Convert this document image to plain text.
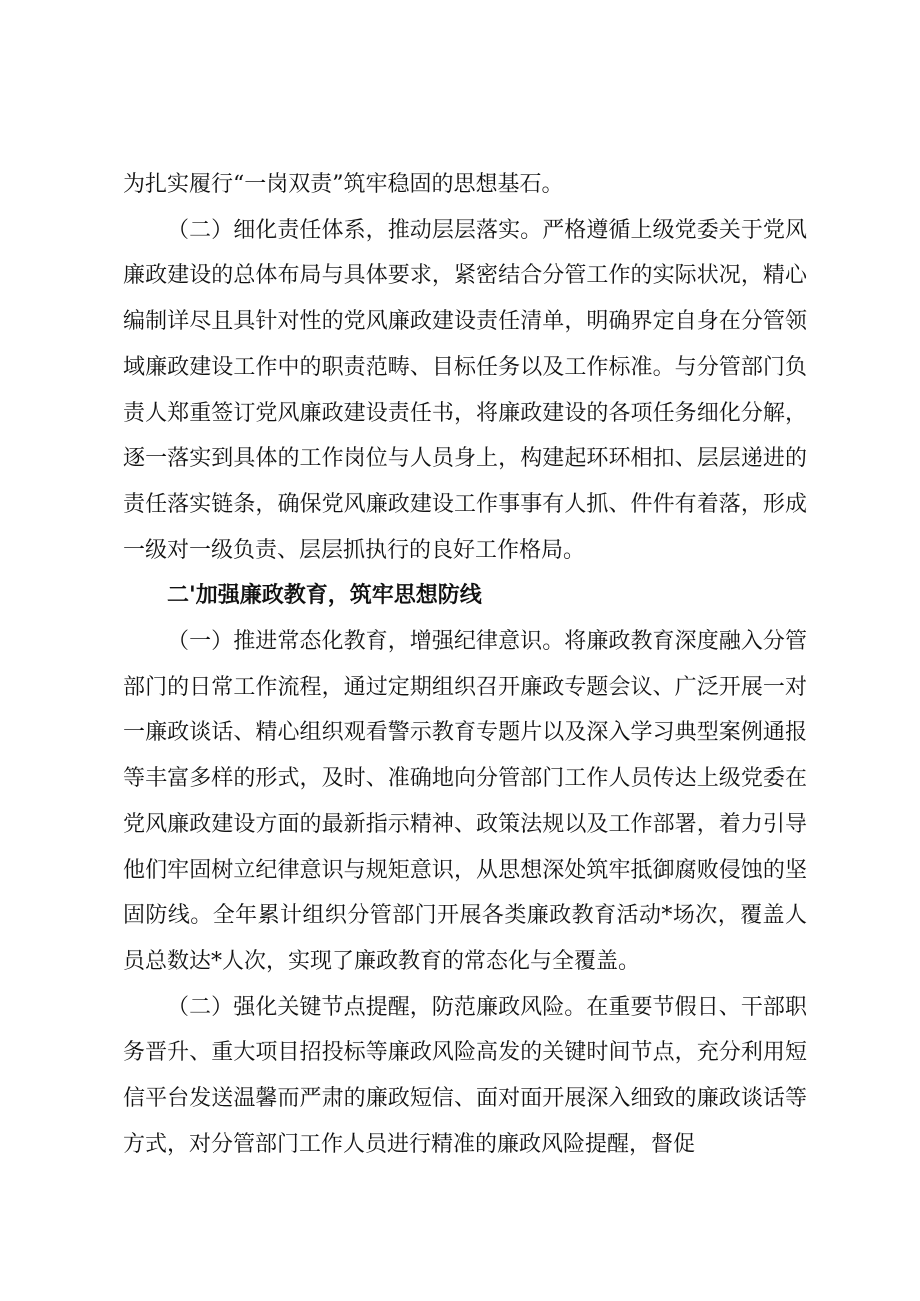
为扎实履行“一岗双责”筑牢稳固的思想基石。

（二）细化责任体系，推动层层落实。严格遵循上级党委关于党风廉政建设的总体布局与具体要求，紧密结合分管工作的实际状况，精心编制详尽且具针对性的党风廉政建设责任清单，明确界定自身在分管领域廉政建设工作中的职责范畴、目标任务以及工作标准。与分管部门负责人郑重签订党风廉政建设责任书，将廉政建设的各项任务细化分解，逐一落实到具体的工作岗位与人员身上，构建起环环相扣、层层递进的责任落实链条，确保党风廉政建设工作事事有人抓、件件有着落，形成一级对一级负责、层层抓执行的良好工作格局。

二'加强廉政教育，筑牢思想防线

（一）推进常态化教育，增强纪律意识。将廉政教育深度融入分管部门的日常工作流程，通过定期组织召开廉政专题会议、广泛开展一对一廉政谈话、精心组织观看警示教育专题片以及深入学习典型案例通报等丰富多样的形式，及时、准确地向分管部门工作人员传达上级党委在党风廉政建设方面的最新指示精神、政策法规以及工作部署，着力引导他们牢固树立纪律意识与规矩意识，从思想深处筑牢抵御腐败侵蚀的坚固防线。全年累计组织分管部门开展各类廉政教育活动*场次，覆盖人员总数达*人次，实现了廉政教育的常态化与全覆盖。

（二）强化关键节点提醒，防范廉政风险。在重要节假日、干部职务晋升、重大项目招投标等廉政风险高发的关键时间节点，充分利用短信平台发送温馨而严肃的廉政短信、面对面开展深入细致的廉政谈话等方式，对分管部门工作人员进行精准的廉政风险提醒，督促
